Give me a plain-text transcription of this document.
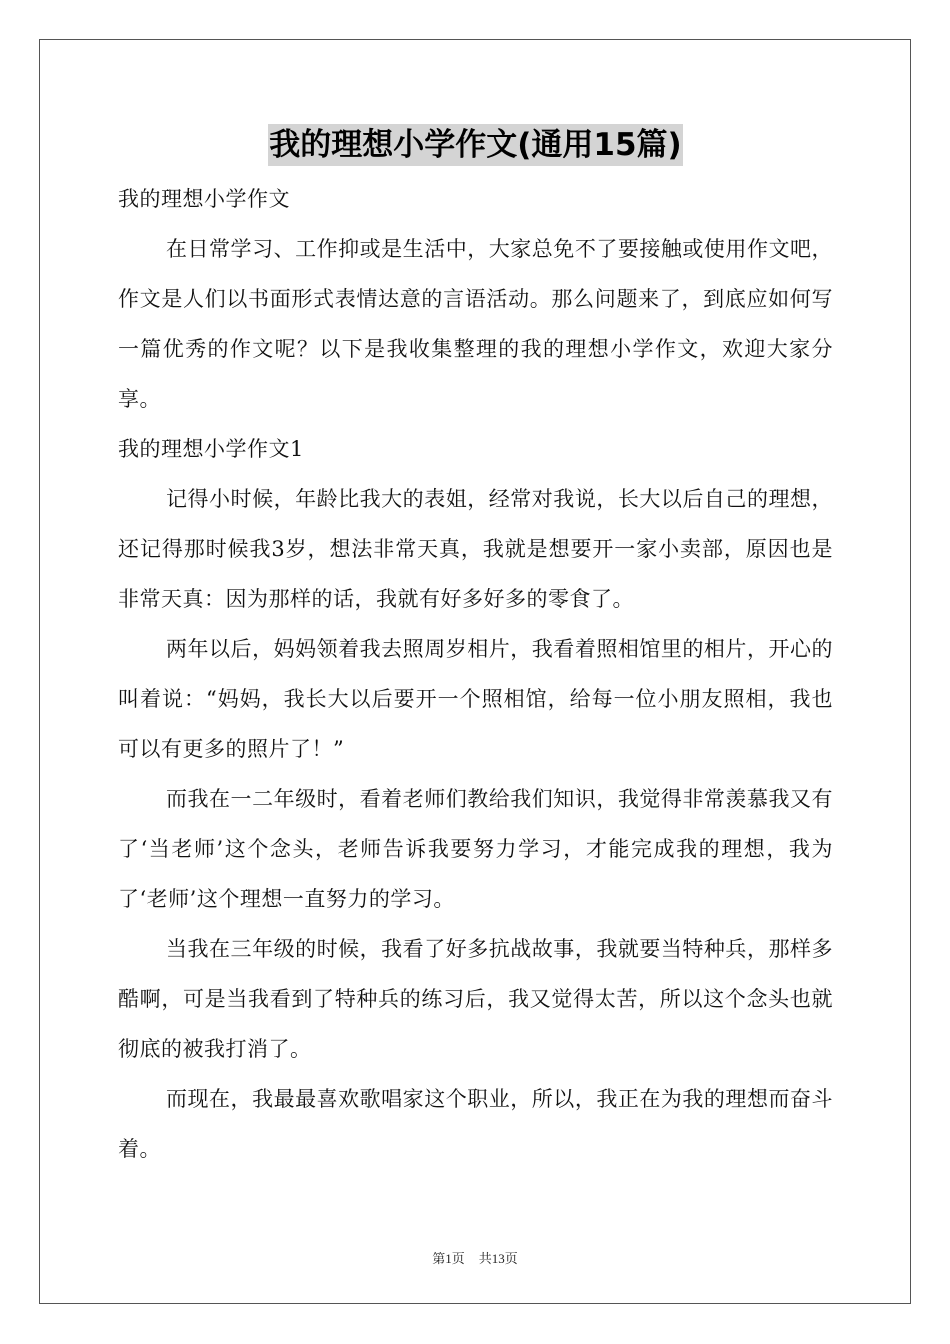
我的理想小学作文(通用15篇)

我的理想小学作文

在日常学习、工作抑或是生活中，大家总免不了要接触或使用作文吧，作文是人们以书面形式表情达意的言语活动。那么问题来了，到底应如何写一篇优秀的作文呢？以下是我收集整理的我的理想小学作文，欢迎大家分享。

我的理想小学作文1

记得小时候，年龄比我大的表姐，经常对我说，长大以后自己的理想，还记得那时候我3岁，想法非常天真，我就是想要开一家小卖部，原因也是非常天真：因为那样的话，我就有好多好多的零食了。

两年以后，妈妈领着我去照周岁相片，我看着照相馆里的相片，开心的叫着说：“妈妈，我长大以后要开一个照相馆，给每一位小朋友照相，我也可以有更多的照片了！”

而我在一二年级时，看着老师们教给我们知识，我觉得非常羡慕我又有了‘当老师’这个念头，老师告诉我要努力学习，才能完成我的理想，我为了‘老师’这个理想一直努力的学习。

当我在三年级的时候，我看了好多抗战故事，我就要当特种兵，那样多酷啊，可是当我看到了特种兵的练习后，我又觉得太苦，所以这个念头也就彻底的被我打消了。

而现在，我最最喜欢歌唱家这个职业，所以，我正在为我的理想而奋斗着。

第1页 共13页
